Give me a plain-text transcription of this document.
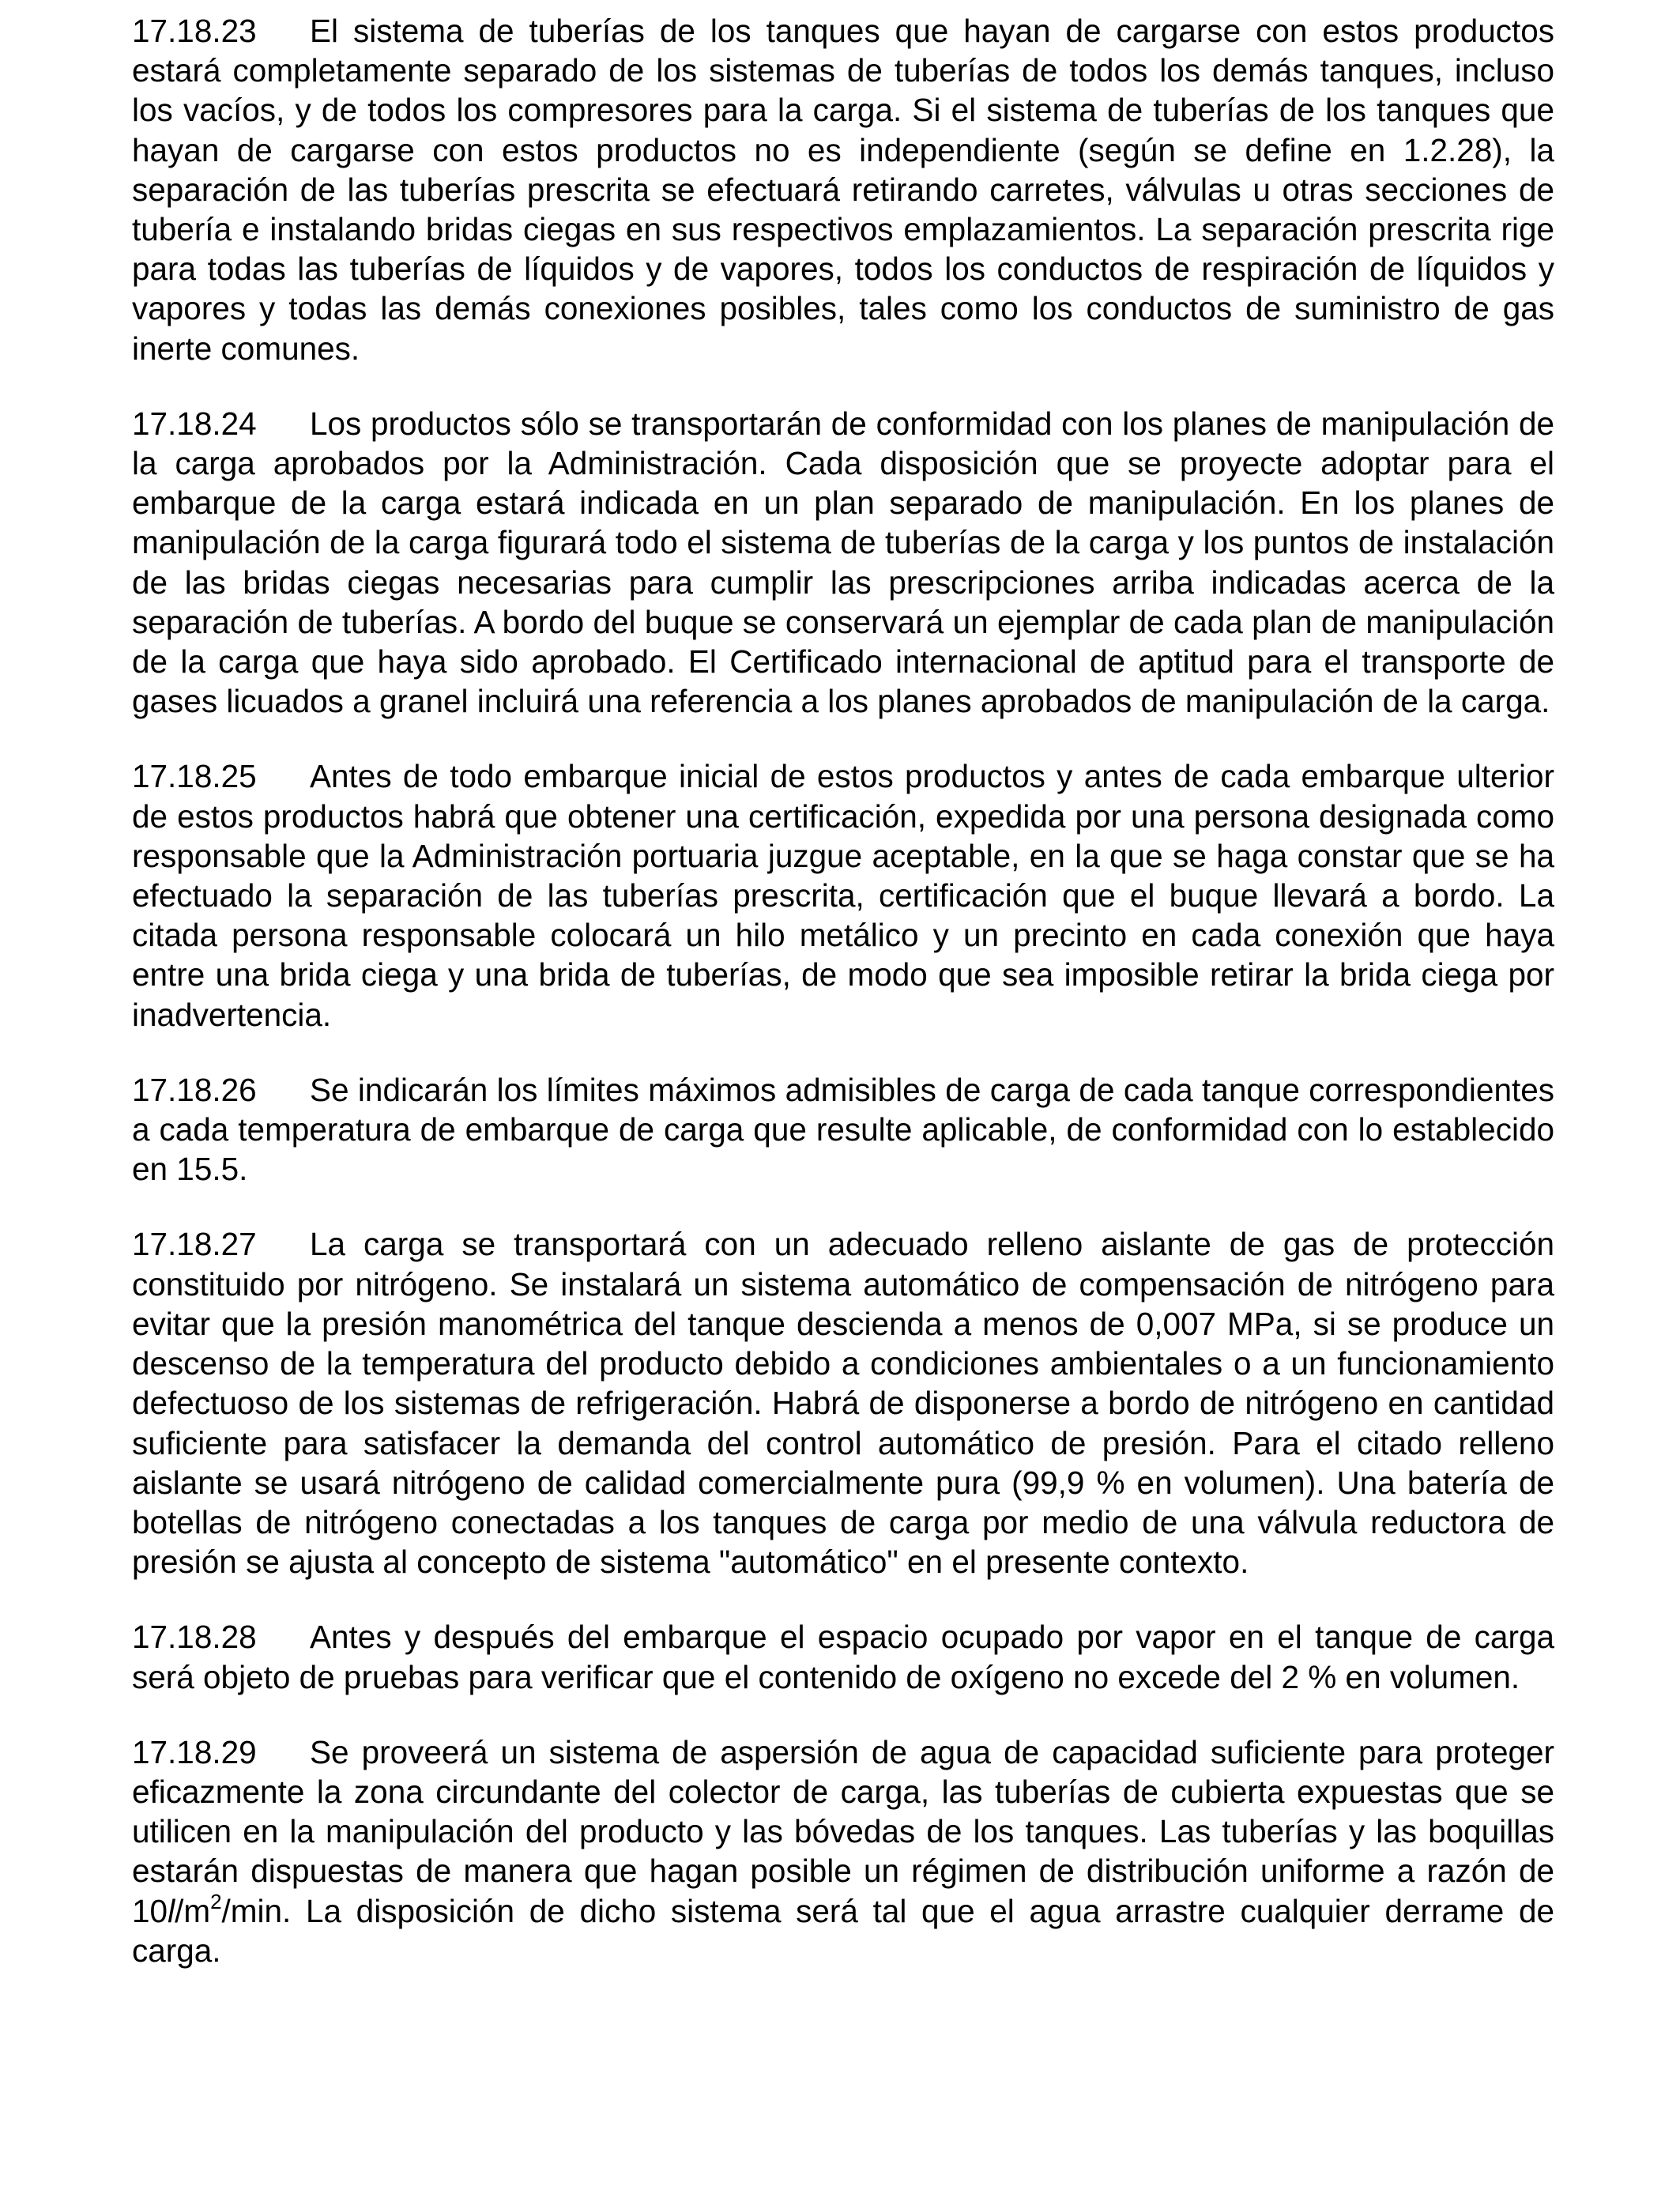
17.18.23 El sistema de tuberías de los tanques que hayan de cargarse con estos productos estará completamente separado de los sistemas de tuberías de todos los demás tanques, incluso los vacíos, y de todos los compresores para la carga. Si el sistema de tuberías de los tanques que hayan de cargarse con estos productos no es independiente (según se define en 1.2.28), la separación de las tuberías prescrita se efectuará retirando carretes, válvulas u otras secciones de tubería e instalando bridas ciegas en sus respectivos emplazamientos. La separación prescrita rige para todas las tuberías de líquidos y de vapores, todos los conductos de respiración de líquidos y vapores y todas las demás conexiones posibles, tales como los conductos de suministro de gas inerte comunes.

17.18.24 Los productos sólo se transportarán de conformidad con los planes de manipulación de la carga aprobados por la Administración. Cada disposición que se proyecte adoptar para el embarque de la carga estará indicada en un plan separado de manipulación. En los planes de manipulación de la carga figurará todo el sistema de tuberías de la carga y los puntos de instalación de las bridas ciegas necesarias para cumplir las prescripciones arriba indicadas acerca de la separación de tuberías. A bordo del buque se conservará un ejemplar de cada plan de manipulación de la carga que haya sido aprobado. El Certificado internacional de aptitud para el transporte de gases licuados a granel incluirá una referencia a los planes aprobados de manipulación de la carga.

17.18.25 Antes de todo embarque inicial de estos productos y antes de cada embarque ulterior de estos productos habrá que obtener una certificación, expedida por una persona designada como responsable que la Administración portuaria juzgue aceptable, en la que se haga constar que se ha efectuado la separación de las tuberías prescrita, certificación que el buque llevará a bordo. La citada persona responsable colocará un hilo metálico y un precinto en cada conexión que haya entre una brida ciega y una brida de tuberías, de modo que sea imposible retirar la brida ciega por inadvertencia.

17.18.26 Se indicarán los límites máximos admisibles de carga de cada tanque correspondientes a cada temperatura de embarque de carga que resulte aplicable, de conformidad con lo establecido en 15.5.

17.18.27 La carga se transportará con un adecuado relleno aislante de gas de protección constituido por nitrógeno. Se instalará un sistema automático de compensación de nitrógeno para evitar que la presión manométrica del tanque descienda a menos de 0,007 MPa, si se produce un descenso de la temperatura del producto debido a condiciones ambientales o a un funcionamiento defectuoso de los sistemas de refrigeración. Habrá de disponerse a bordo de nitrógeno en cantidad suficiente para satisfacer la demanda del control automático de presión. Para el citado relleno aislante se usará nitrógeno de calidad comercialmente pura (99,9 % en volumen). Una batería de botellas de nitrógeno conectadas a los tanques de carga por medio de una válvula reductora de presión se ajusta al concepto de sistema "automático" en el presente contexto.

17.18.28 Antes y después del embarque el espacio ocupado por vapor en el tanque de carga será objeto de pruebas para verificar que el contenido de oxígeno no excede del 2 % en volumen.

17.18.29 Se proveerá un sistema de aspersión de agua de capacidad suficiente para proteger eficazmente la zona circundante del colector de carga, las tuberías de cubierta expuestas que se utilicen en la manipulación del producto y las bóvedas de los tanques. Las tuberías y las boquillas estarán dispuestas de manera que hagan posible un régimen de distribución uniforme a razón de $10l/m^2/\min$. La disposición de dicho sistema será tal que el agua arrastre cualquier derrame de carga.
